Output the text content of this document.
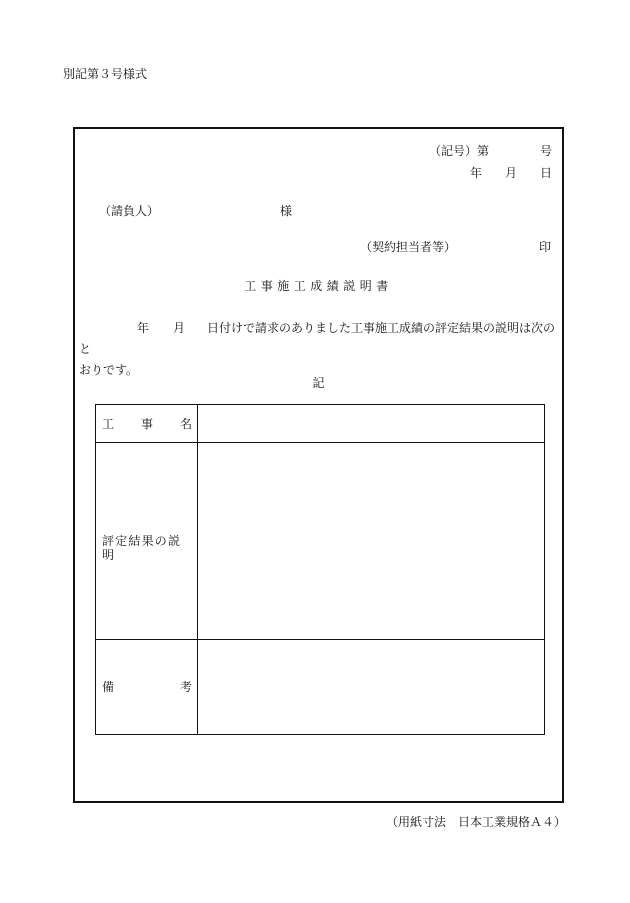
別記第３号様式
（記号）第	号
年 月 日
（請負人）	様
（契約担当者等）	印
工事施工成績説明書
年 月 日付けで請求のありました工事施工成績の評定結果の説明は次のと
おりです。
記
工 事 名
評定結果の説明
備	考
（用紙寸法　日本工業規格Ａ４）
